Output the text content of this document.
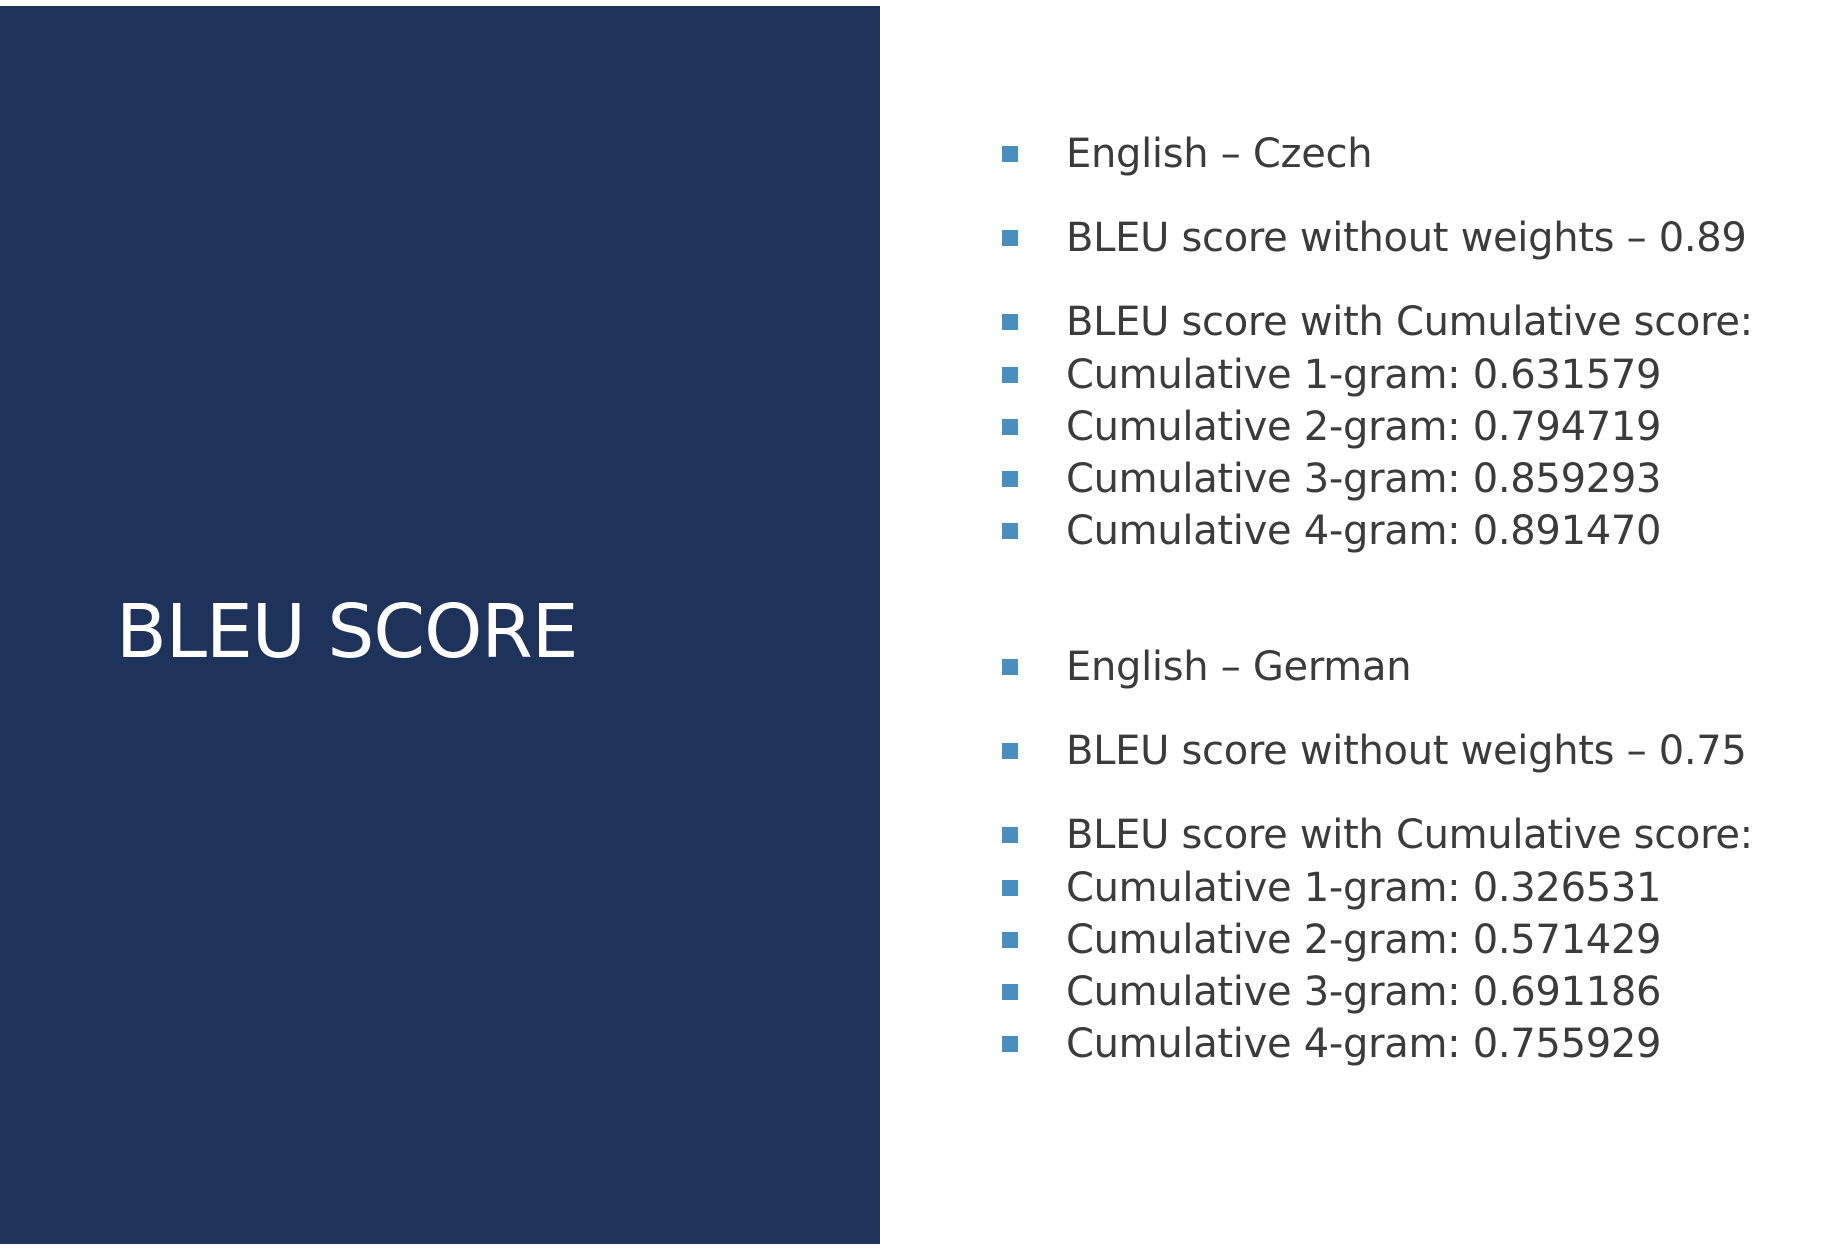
BLEU SCORE
English – Czech
BLEU score without weights – 0.89
BLEU score with Cumulative score:
Cumulative 1-gram: 0.631579
Cumulative 2-gram: 0.794719
Cumulative 3-gram: 0.859293
Cumulative 4-gram: 0.891470
English – German
BLEU score without weights – 0.75
BLEU score with Cumulative score:
Cumulative 1-gram: 0.326531
Cumulative 2-gram: 0.571429
Cumulative 3-gram: 0.691186
Cumulative 4-gram: 0.755929
